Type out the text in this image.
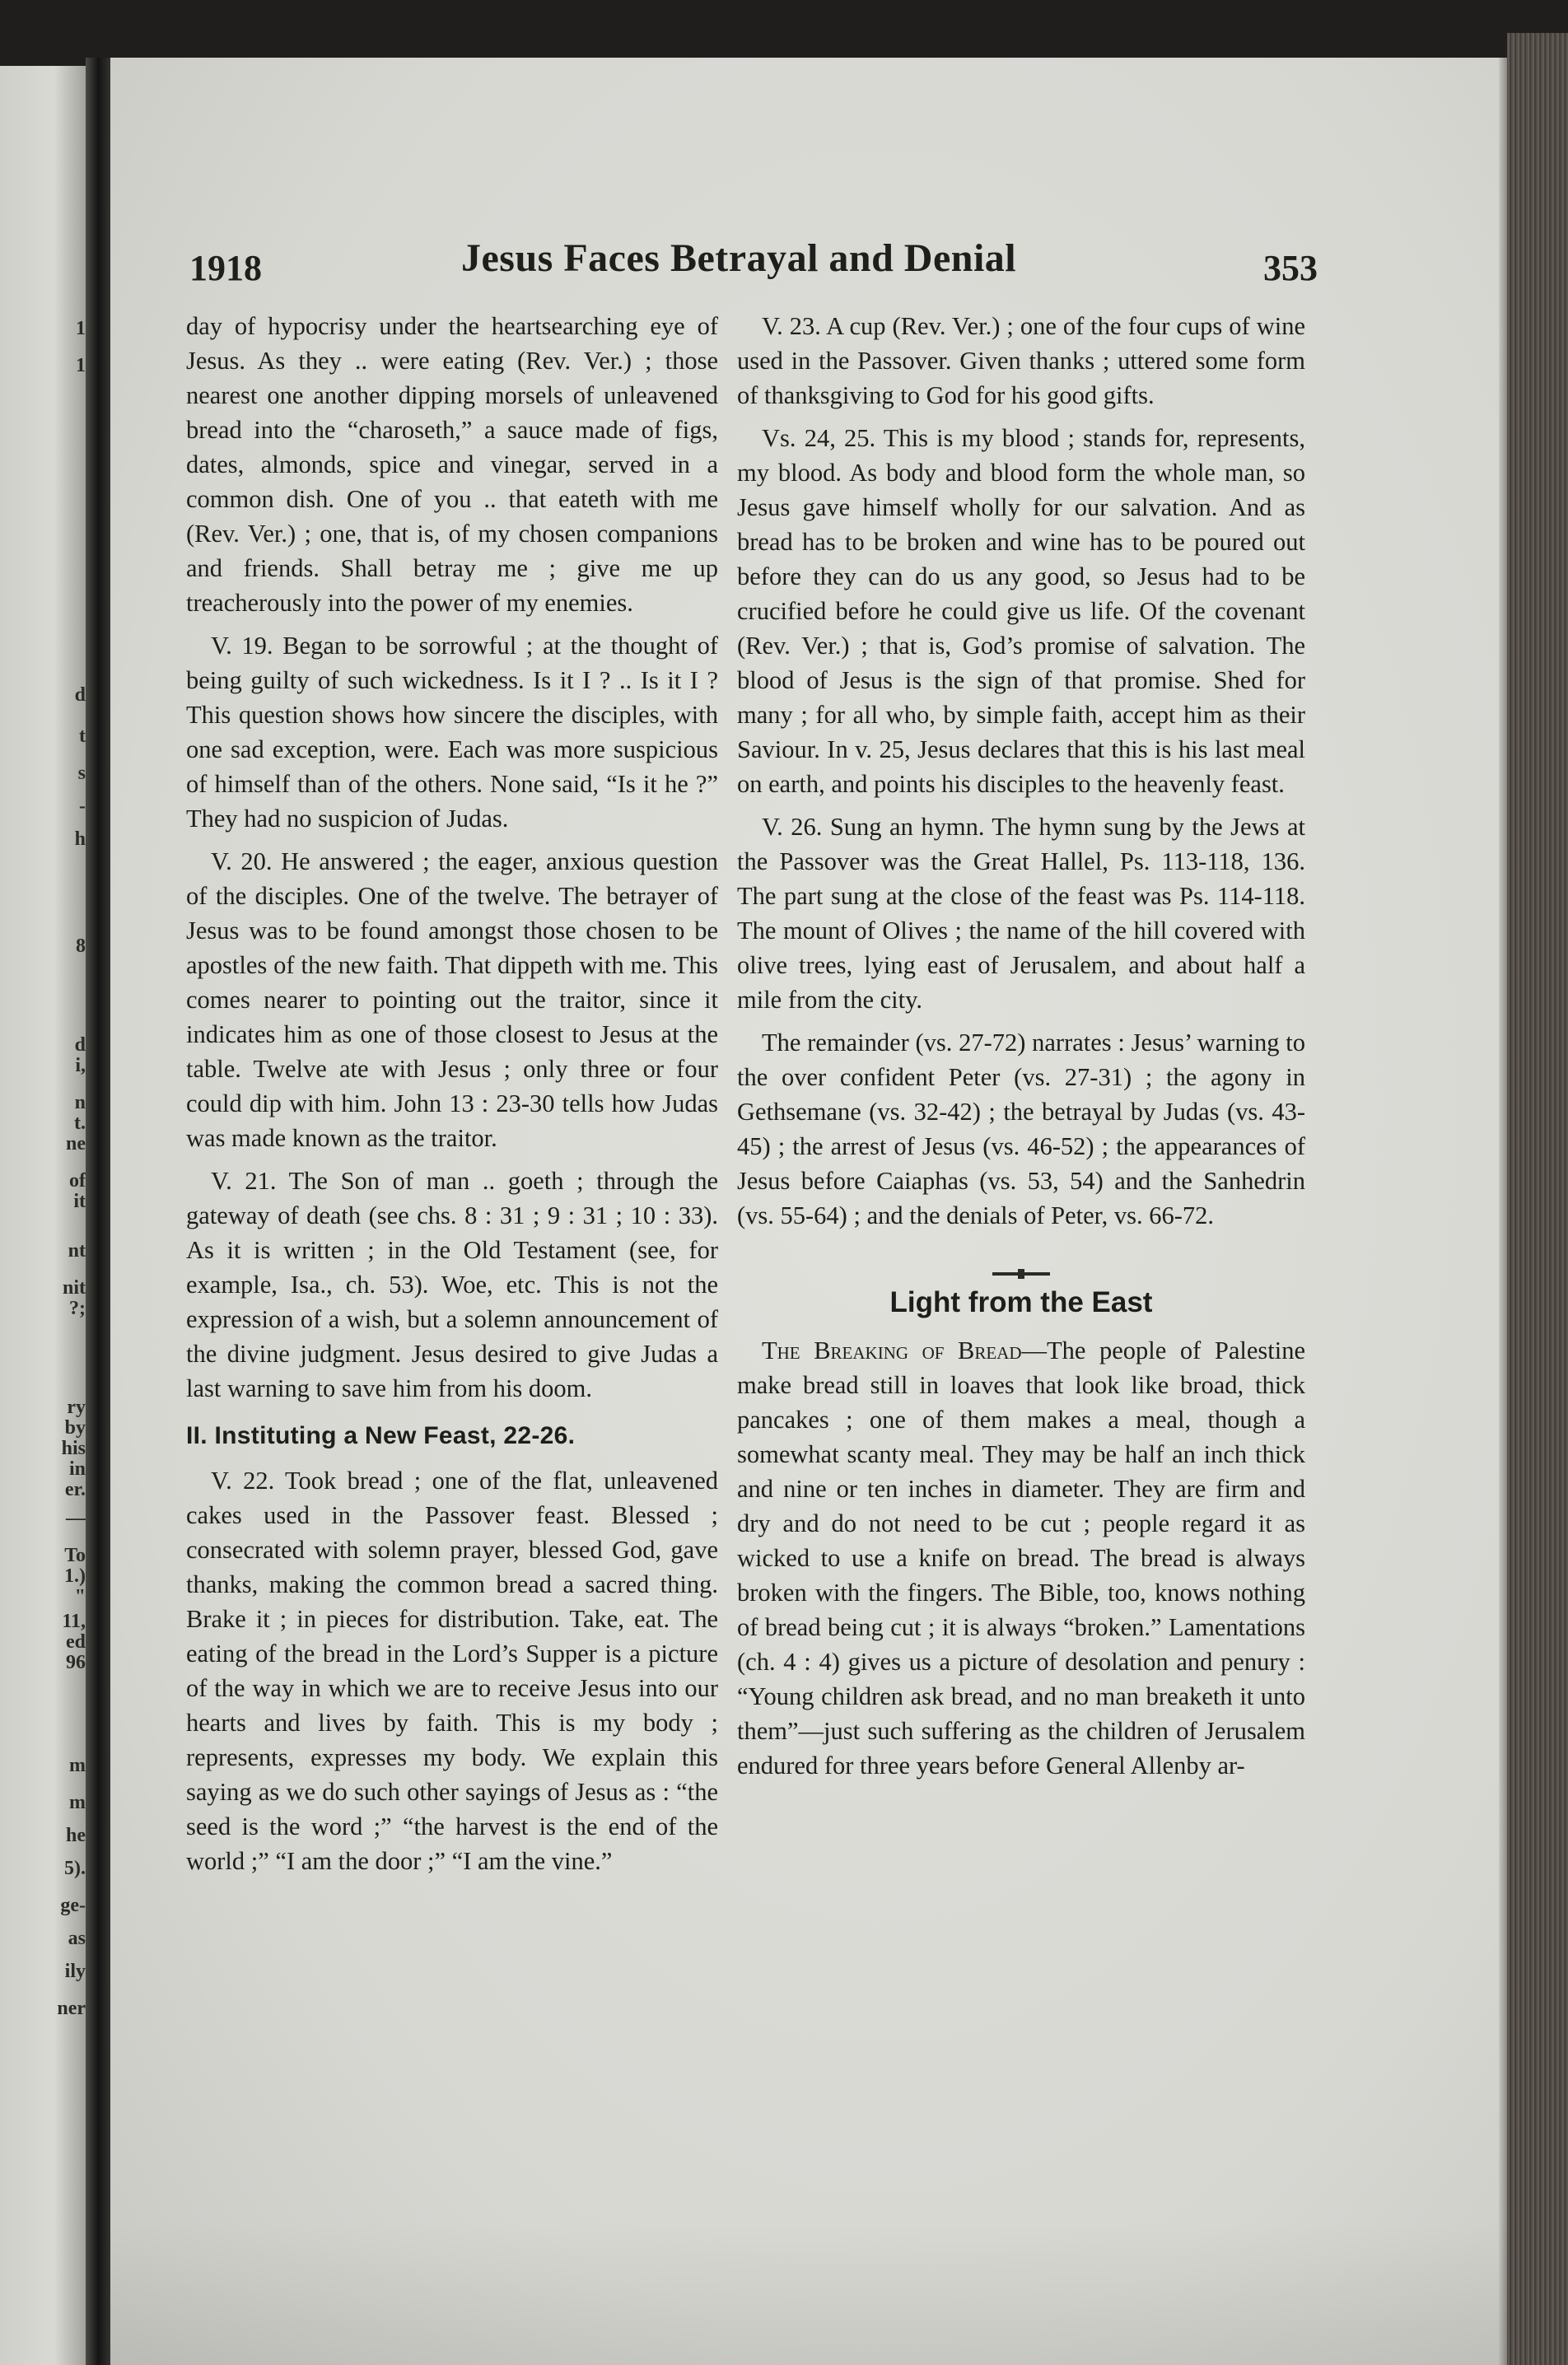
1
1
d
t
s
-
h
8
d
i,
n
t.
ne
of
it
nt
nit
?;
ry
by
his
in
er.
—
To
1.)
"
11,
ed
96
m
m
he
5).
ge-
as
ily
ner
1918	Jesus Faces Betrayal and Denial	353

day of hypocrisy under the heartsearching eye of Jesus. As they .. were eating (Rev. Ver.) ; those nearest one another dipping morsels of unleavened bread into the “charoseth,” a sauce made of figs, dates, almonds, spice and vinegar, served in a common dish. One of you .. that eateth with me (Rev. Ver.) ; one, that is, of my chosen companions and friends. Shall betray me ; give me up treacherously into the power of my enemies.

V. 19. Began to be sorrowful ; at the thought of being guilty of such wickedness. Is it I ? .. Is it I ? This question shows how sincere the disciples, with one sad exception, were. Each was more suspicious of himself than of the others. None said, “Is it he ?” They had no suspicion of Judas.

V. 20. He answered ; the eager, anxious question of the disciples. One of the twelve. The betrayer of Jesus was to be found amongst those chosen to be apostles of the new faith. That dippeth with me. This comes nearer to pointing out the traitor, since it indicates him as one of those closest to Jesus at the table. Twelve ate with Jesus ; only three or four could dip with him. John 13 : 23-30 tells how Judas was made known as the traitor.

V. 21. The Son of man .. goeth ; through the gateway of death (see chs. 8 : 31 ; 9 : 31 ; 10 : 33). As it is written ; in the Old Testament (see, for example, Isa., ch. 53). Woe, etc. This is not the expression of a wish, but a solemn announcement of the divine judgment. Jesus desired to give Judas a last warning to save him from his doom.

II. Instituting a New Feast, 22-26.

V. 22. Took bread ; one of the flat, unleavened cakes used in the Passover feast. Blessed ; consecrated with solemn prayer, blessed God, gave thanks, making the common bread a sacred thing. Brake it ; in pieces for distribution. Take, eat. The eating of the bread in the Lord’s Supper is a picture of the way in which we are to receive Jesus into our hearts and lives by faith. This is my body ; represents, expresses my body. We explain this saying as we do such other sayings of Jesus as : “the seed is the word ;” “the harvest is the end of the world ;” “I am the door ;” “I am the vine.”

V. 23. A cup (Rev. Ver.) ; one of the four cups of wine used in the Passover. Given thanks ; uttered some form of thanksgiving to God for his good gifts.

Vs. 24, 25. This is my blood ; stands for, represents, my blood. As body and blood form the whole man, so Jesus gave himself wholly for our salvation. And as bread has to be broken and wine has to be poured out before they can do us any good, so Jesus had to be crucified before he could give us life. Of the covenant (Rev. Ver.) ; that is, God’s promise of salvation. The blood of Jesus is the sign of that promise. Shed for many ; for all who, by simple faith, accept him as their Saviour. In v. 25, Jesus declares that this is his last meal on earth, and points his disciples to the heavenly feast.

V. 26. Sung an hymn. The hymn sung by the Jews at the Passover was the Great Hallel, Ps. 113-118, 136. The part sung at the close of the feast was Ps. 114-118. The mount of Olives ; the name of the hill covered with olive trees, lying east of Jerusalem, and about half a mile from the city.

The remainder (vs. 27-72) narrates : Jesus’ warning to the over confident Peter (vs. 27-31) ; the agony in Gethsemane (vs. 32-42) ; the betrayal by Judas (vs. 43-45) ; the arrest of Jesus (vs. 46-52) ; the appearances of Jesus before Caiaphas (vs. 53, 54) and the Sanhedrin (vs. 55-64) ; and the denials of Peter, vs. 66-72.

Light from the East

The Breaking of Bread—The people of Palestine make bread still in loaves that look like broad, thick pancakes ; one of them makes a meal, though a somewhat scanty meal. They may be half an inch thick and nine or ten inches in diameter. They are firm and dry and do not need to be cut ; people regard it as wicked to use a knife on bread. The bread is always broken with the fingers. The Bible, too, knows nothing of bread being cut ; it is always “broken.” Lamentations (ch. 4 : 4) gives us a picture of desolation and penury : “Young children ask bread, and no man breaketh it unto them”—just such suffering as the children of Jerusalem endured for three years before General Allenby ar-
